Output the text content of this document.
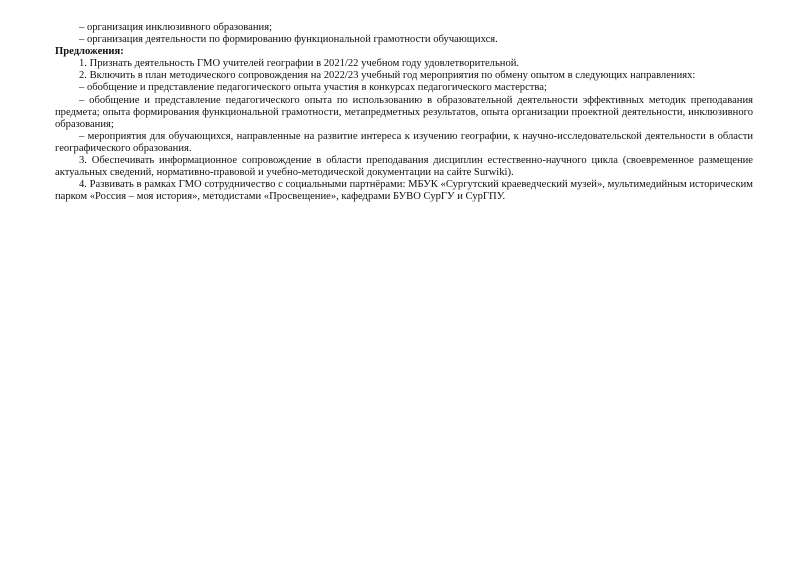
– организация инклюзивного образования;

– организация деятельности по формированию функциональной грамотности обучающихся.

Предложения:

1. Признать деятельность ГМО учителей географии в 2021/22 учебном году удовлетворительной.

2. Включить в план методического сопровождения на 2022/23 учебный год мероприятия по обмену опытом в следующих направлениях:

– обобщение и представление педагогического опыта участия в конкурсах педагогического мастерства;

– обобщение и представление педагогического опыта по использованию в образовательной деятельности эффективных методик преподавания предмета; опыта формирования функциональной грамотности, метапредметных результатов, опыта организации проектной деятельности, инклюзивного образования;

– мероприятия для обучающихся, направленные на развитие интереса к изучению географии, к научно-исследовательской деятельности в области географического образования.

3. Обеспечивать информационное сопровождение в области преподавания дисциплин естественно-научного цикла (своевременное размещение актуальных сведений, нормативно-правовой и учебно-методической документации на сайте Surwiki).

4. Развивать в рамках ГМО сотрудничество с социальными партнёрами: МБУК «Сургутский краеведческий музей», мультимедийным историческим парком «Россия – моя история», методистами «Просвещение», кафедрами БУВО СурГУ и СурГПУ.
